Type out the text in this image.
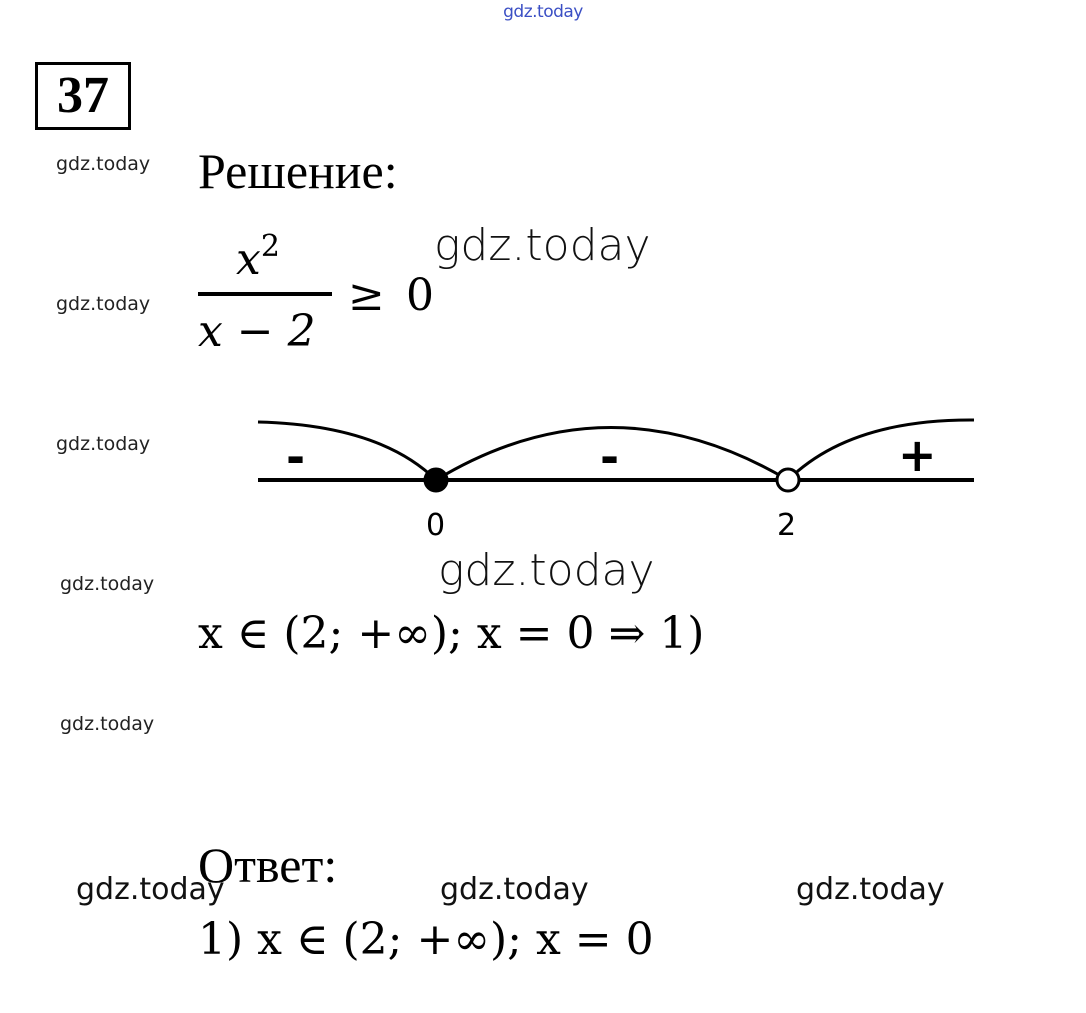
gdz.today
gdz.today
gdz.today
gdz.today
gdz.today
gdz.today
gdz.today
gdz.today
gdz.today	gdz.today	gdz.today
37
Решение:
$x^2$
x − 2
≥ 0
-	-	+
0	2
x ∈ (2; +∞); x = 0 ⇒ 1)
Ответ:
1) x ∈ (2; +∞); x = 0
